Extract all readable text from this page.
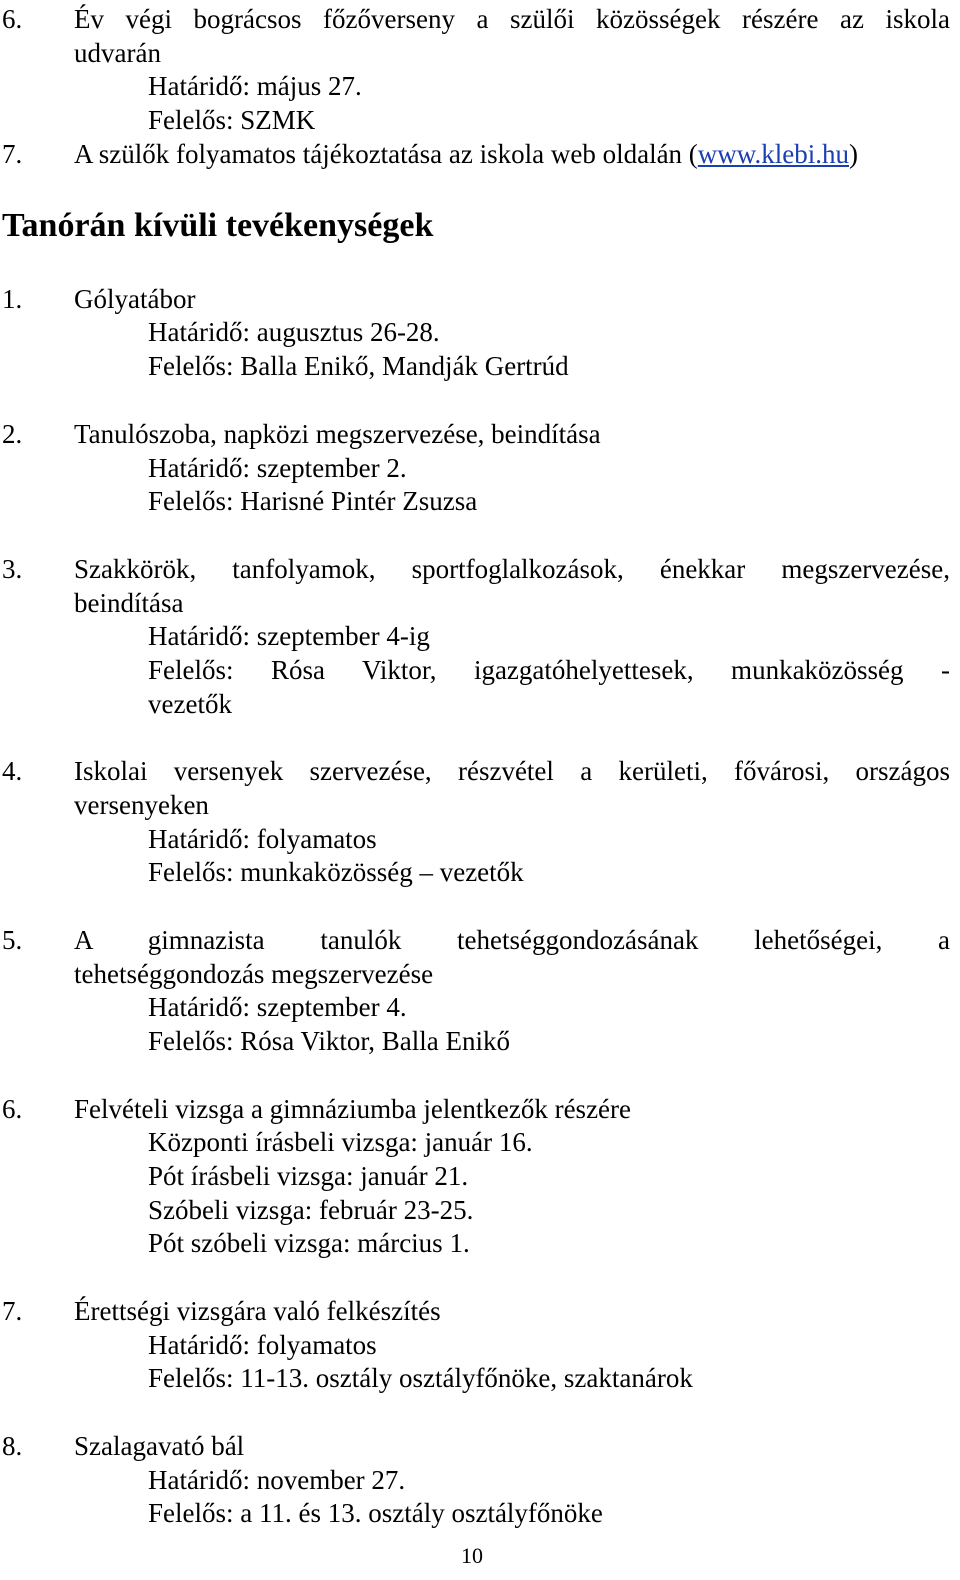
6. Év végi bográcsos főzőverseny a szülői közösségek részére az iskola
udvarán
Határidő: május 27.
Felelős: SZMK
7. A szülők folyamatos tájékoztatása az iskola web oldalán (www.klebi.hu)
Tanórán kívüli tevékenységek
1. Gólyatábor
Határidő: augusztus 26-28.
Felelős: Balla Enikő, Mandják Gertrúd
2. Tanulószoba, napközi megszervezése, beindítása
Határidő: szeptember 2.
Felelős: Harisné Pintér Zsuzsa
3. Szakkörök, tanfolyamok, sportfoglalkozások, énekkar megszervezése,
beindítása
Határidő: szeptember 4-ig
Felelős: Rósa Viktor, igazgatóhelyettesek, munkaközösség -
vezetők
4. Iskolai versenyek szervezése, részvétel a kerületi, fővárosi, országos
versenyeken
Határidő: folyamatos
Felelős: munkaközösség – vezetők
5. A gimnazista tanulók tehetséggondozásának lehetőségei, a
tehetséggondozás megszervezése
Határidő: szeptember 4.
Felelős: Rósa Viktor, Balla Enikő
6. Felvételi vizsga a gimnáziumba jelentkezők részére
Központi írásbeli vizsga: január 16.
Pót írásbeli vizsga: január 21.
Szóbeli vizsga: február 23-25.
Pót szóbeli vizsga: március 1.
7. Érettségi vizsgára való felkészítés
Határidő: folyamatos
Felelős: 11-13. osztály osztályfőnöke, szaktanárok
8. Szalagavató bál
Határidő: november 27.
Felelős: a 11. és 13. osztály osztályfőnöke
10
